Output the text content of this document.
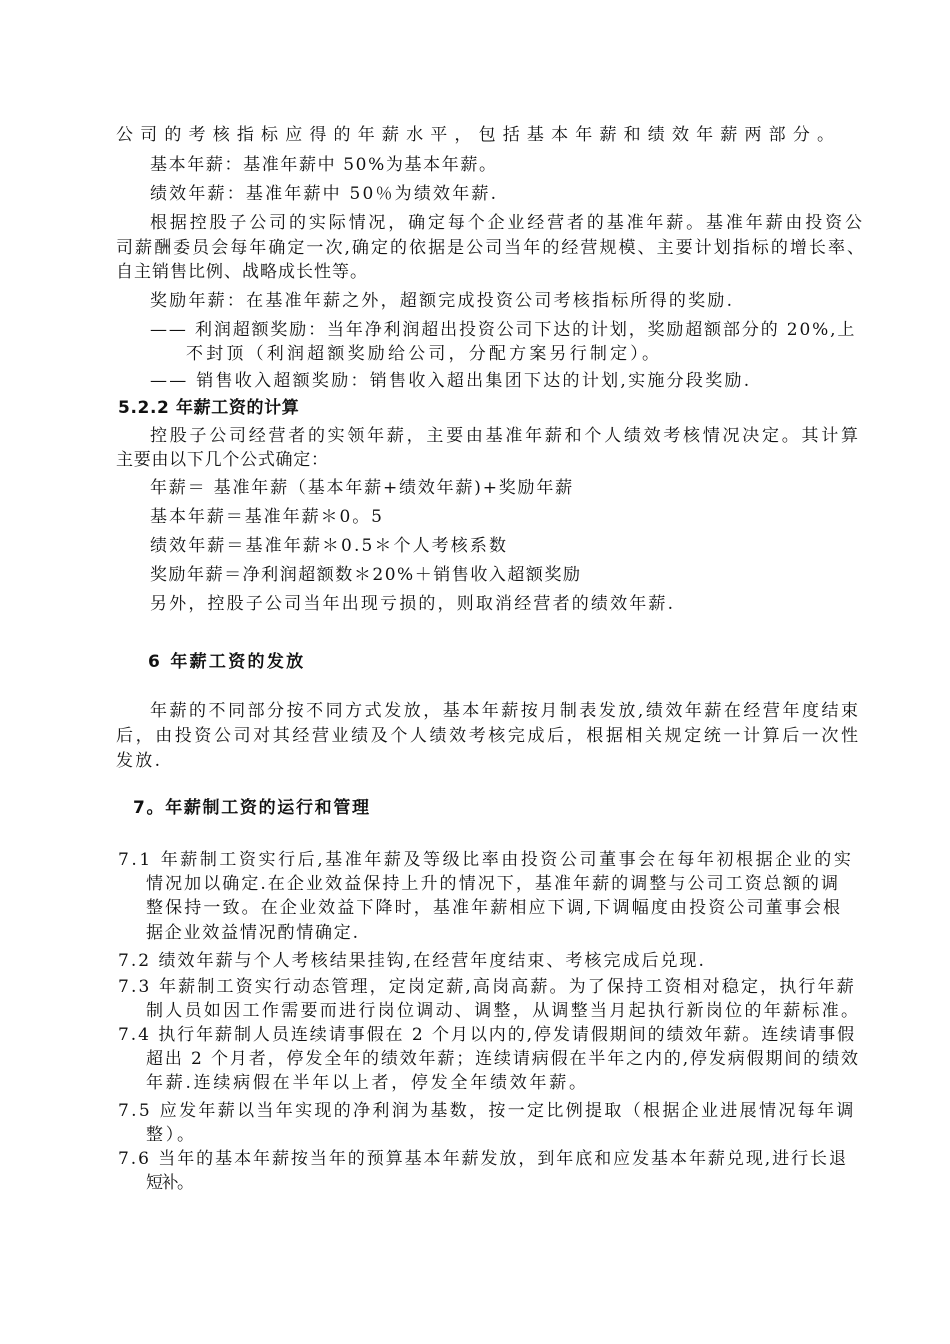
公司的考核指标应得的年薪水平，包括基本年薪和绩效年薪两部分。
基本年薪：基准年薪中 50%为基本年薪。
绩效年薪：基准年薪中 50％为绩效年薪.
根据控股子公司的实际情况，确定每个企业经营者的基准年薪。基准年薪由投资公
司薪酬委员会每年确定一次,确定的依据是公司当年的经营规模、主要计划指标的增长率、
自主销售比例、战略成长性等。
奖励年薪：在基准年薪之外，超额完成投资公司考核指标所得的奖励.
—— 利润超额奖励：当年净利润超出投资公司下达的计划，奖励超额部分的 20%,上
不封顶（利润超额奖励给公司，分配方案另行制定）。
—— 销售收入超额奖励：销售收入超出集团下达的计划,实施分段奖励.
5.2.2 年薪工资的计算
控股子公司经营者的实领年薪，主要由基准年薪和个人绩效考核情况决定。其计算
主要由以下几个公式确定：
年薪＝ 基准年薪（基本年薪+绩效年薪)+奖励年薪
基本年薪＝基准年薪＊0。5
绩效年薪＝基准年薪＊0.5＊个人考核系数
奖励年薪＝净利润超额数＊20%＋销售收入超额奖励
另外，控股子公司当年出现亏损的，则取消经营者的绩效年薪.
6 年薪工资的发放
年薪的不同部分按不同方式发放，基本年薪按月制表发放,绩效年薪在经营年度结束
后，由投资公司对其经营业绩及个人绩效考核完成后，根据相关规定统一计算后一次性
发放.
7。年薪制工资的运行和管理
7.1 年薪制工资实行后,基准年薪及等级比率由投资公司董事会在每年初根据企业的实
情况加以确定.在企业效益保持上升的情况下，基准年薪的调整与公司工资总额的调
整保持一致。在企业效益下降时，基准年薪相应下调,下调幅度由投资公司董事会根
据企业效益情况酌情确定.
7.2 绩效年薪与个人考核结果挂钩,在经营年度结束、考核完成后兑现.
7.3 年薪制工资实行动态管理，定岗定薪,高岗高薪。为了保持工资相对稳定，执行年薪
制人员如因工作需要而进行岗位调动、调整，从调整当月起执行新岗位的年薪标准。
7.4 执行年薪制人员连续请事假在 2 个月以内的,停发请假期间的绩效年薪。连续请事假
超出 2 个月者，停发全年的绩效年薪；连续请病假在半年之内的,停发病假期间的绩效
年薪.连续病假在半年以上者，停发全年绩效年薪。
7.5 应发年薪以当年实现的净利润为基数，按一定比例提取（根据企业进展情况每年调
整）。
7.6 当年的基本年薪按当年的预算基本年薪发放，到年底和应发基本年薪兑现,进行长退
短补。
